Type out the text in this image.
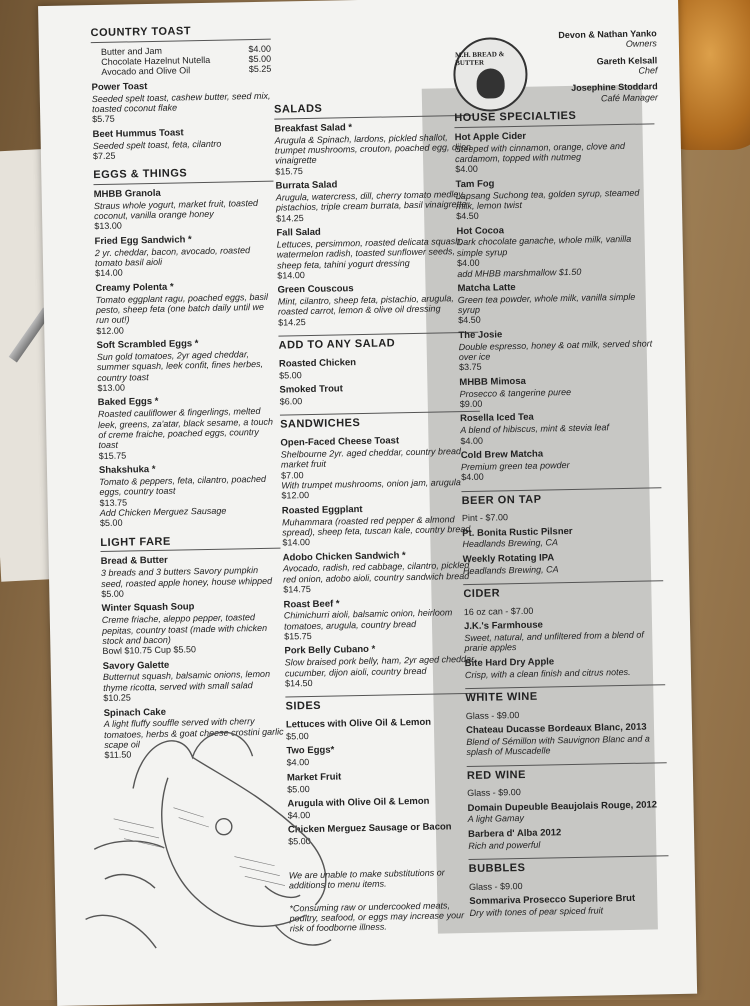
COUNTRY TOAST
Butter and Jam	$4.00
Chocolate Hazelnut Nutella	$5.00
Avocado and Olive Oil	$5.25
Power Toast
Seeded spelt toast, cashew butter, seed mix, toasted coconut flake
$5.75
Beet Hummus Toast
Seeded spelt toast, feta, cilantro
$7.25
EGGS & THINGS
MHBB Granola
Straus whole yogurt, market fruit, toasted coconut, vanilla orange honey
$13.00
Fried Egg Sandwich *
2 yr. cheddar, bacon, avocado, roasted tomato basil aioli
$14.00
Creamy Polenta *
Tomato eggplant ragu, poached eggs, basil pesto, sheep feta (one batch daily until we run out!)
$12.00
Soft Scrambled Eggs *
Sun gold tomatoes, 2yr aged cheddar, summer squash, leek confit, fines herbes, country toast
$13.00
Baked Eggs *
Roasted cauliflower & fingerlings, melted leek, greens, za'atar, black sesame, a touch of creme fraiche, poached eggs, country toast
$15.75
Shakshuka *
Tomato & peppers, feta, cilantro, poached eggs, country toast
$13.75
Add Chicken Merguez Sausage
$5.00
LIGHT FARE
Bread & Butter
3 breads and 3 butters Savory pumpkin seed, roasted apple honey, house whipped
$5.00
Winter Squash Soup
Creme friache, aleppo pepper, toasted pepitas, country toast (made with chicken stock and bacon)
Bowl $10.75 Cup $5.50
Savory Galette
Butternut squash, balsamic onions, lemon thyme ricotta, served with small salad
$10.25
Spinach Cake
A light fluffy souffle served with cherry tomatoes, herbs & goat cheese crostini garlic scape oil
$11.50
SALADS
Breakfast Salad *
Arugula & Spinach, lardons, pickled shallot, trumpet mushrooms, crouton, poached egg, dijon vinaigrette
$15.75
Burrata Salad
Arugula, watercress, dill, cherry tomato medley, pistachios, triple cream burrata, basil vinaigrette
$14.25
Fall Salad
Lettuces, persimmon, roasted delicata squash, watermelon radish, toasted sunflower seeds, sheep feta, tahini yogurt dressing
$14.00
Green Couscous
Mint, cilantro, sheep feta, pistachio, arugula, roasted carrot, lemon & olive oil dressing
$14.25
ADD TO ANY SALAD
Roasted Chicken
$5.00
Smoked Trout
$6.00
SANDWICHES
Open-Faced Cheese Toast
Shelbourne 2yr. aged cheddar, country bread, market fruit
$7.00
With trumpet mushrooms, onion jam, arugula
$12.00
Roasted Eggplant
Muhammara (roasted red pepper & almond spread), sheep feta, tuscan kale, country bread
$14.00
Adobo Chicken Sandwich *
Avocado, radish, red cabbage, cilantro, pickled red onion, adobo aioli, country sandwich bread
$14.75
Roast Beef *
Chimichurri aioli, balsamic onion, heirloom tomatoes, arugula, country bread
$15.75
Pork Belly Cubano *
Slow braised pork belly, ham, 2yr aged cheddar, cucumber, dijon aioli, country bread
$14.50
SIDES
Lettuces with Olive Oil & Lemon
$5.00
Two Eggs*
$4.00
Market Fruit
$5.00
Arugula with Olive Oil & Lemon
$4.00
Chicken Merguez Sausage or Bacon
$5.00
We are unable to make substitutions or additions to menu items.
*Consuming raw or undercooked meats, poultry, seafood, or eggs may increase your risk of foodborne illness.
M.H. BREAD & BUTTER
Devon & Nathan Yanko
Owners
Gareth Kelsall
Chef
Josephine Stoddard
Café Manager
HOUSE SPECIALTIES
Hot Apple Cider
Steeped with cinnamon, orange, clove and cardamom, topped with nutmeg
$4.00
Tam Fog
Lapsang Suchong tea, golden syrup, steamed milk, lemon twist
$4.50
Hot Cocoa
Dark chocolate ganache, whole milk, vanilla simple syrup
$4.00
add MHBB marshmallow $1.50
Matcha Latte
Green tea powder, whole milk, vanilla simple syrup
$4.50
The Josie
Double espresso, honey & oat milk, served short over ice
$3.75
MHBB Mimosa
Prosecco & tangerine puree
$9.00
Rosella Iced Tea
A blend of hibiscus, mint & stevia leaf
$4.00
Cold Brew Matcha
Premium green tea powder
$4.00
BEER ON TAP
Pint - $7.00
Pt. Bonita Rustic Pilsner
Headlands Brewing, CA
Weekly Rotating IPA
Headlands Brewing, CA
CIDER
16 oz can - $7.00
J.K.'s Farmhouse
Sweet, natural, and unfiltered from a blend of prarie apples
Bite Hard Dry Apple
Crisp, with a clean finish and citrus notes.
WHITE WINE
Glass - $9.00
Chateau Ducasse Bordeaux Blanc, 2013
Blend of Sémillon with Sauvignon Blanc and a splash of Muscadelle
RED WINE
Glass - $9.00
Domain Dupeuble Beaujolais Rouge, 2012
A light Gamay
Barbera d' Alba 2012
Rich and powerful
BUBBLES
Glass - $9.00
Sommariva Prosecco Superiore Brut
Dry with tones of pear spiced fruit
